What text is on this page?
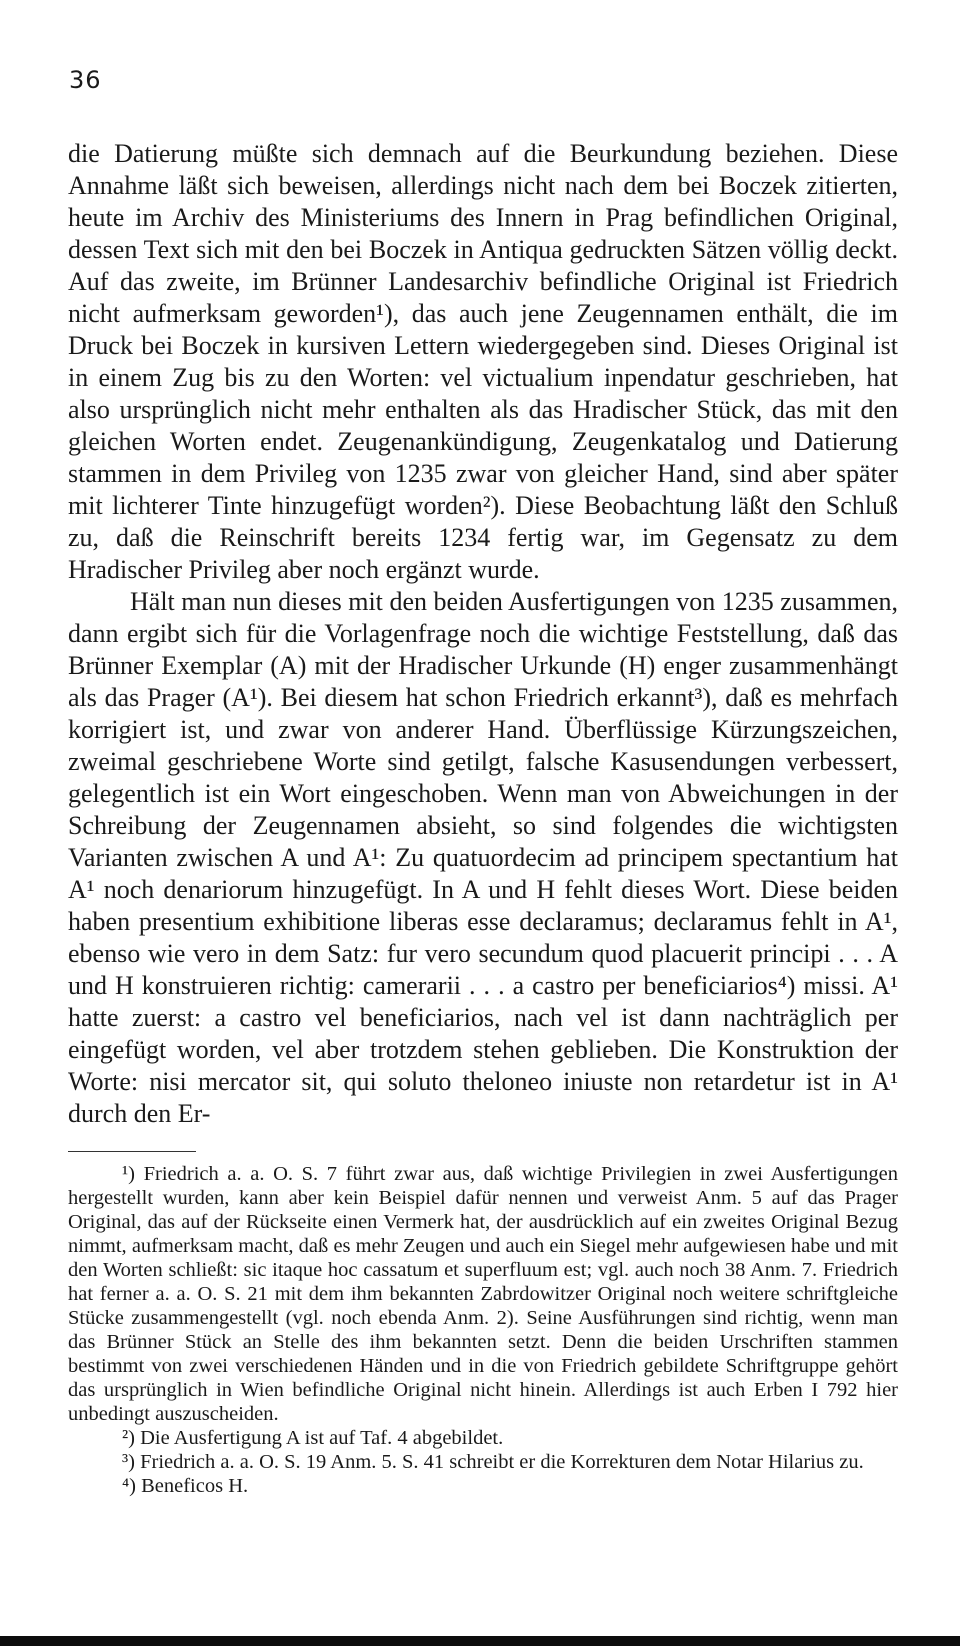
36

die Datierung müßte sich demnach auf die Beurkundung beziehen. Diese Annahme läßt sich beweisen, allerdings nicht nach dem bei Boczek zitierten, heute im Archiv des Ministeriums des Innern in Prag befindlichen Original, dessen Text sich mit den bei Boczek in Antiqua gedruckten Sätzen völlig deckt. Auf das zweite, im Brünner Landesarchiv befindliche Original ist Friedrich nicht aufmerksam geworden¹), das auch jene Zeugennamen enthält, die im Druck bei Boczek in kursiven Lettern wiedergegeben sind. Dieses Original ist in einem Zug bis zu den Worten: vel victualium inpendatur geschrieben, hat also ursprünglich nicht mehr enthalten als das Hradischer Stück, das mit den gleichen Worten endet. Zeugenankündigung, Zeugenkatalog und Datierung stammen in dem Privileg von 1235 zwar von gleicher Hand, sind aber später mit lichterer Tinte hinzugefügt worden²). Diese Beobachtung läßt den Schluß zu, daß die Reinschrift bereits 1234 fertig war, im Gegensatz zu dem Hradischer Privileg aber noch ergänzt wurde.

Hält man nun dieses mit den beiden Ausfertigungen von 1235 zusammen, dann ergibt sich für die Vorlagenfrage noch die wichtige Feststellung, daß das Brünner Exemplar (A) mit der Hradischer Urkunde (H) enger zusammenhängt als das Prager (A¹). Bei diesem hat schon Friedrich erkannt³), daß es mehrfach korrigiert ist, und zwar von anderer Hand. Überflüssige Kürzungszeichen, zweimal geschriebene Worte sind getilgt, falsche Kasusendungen verbessert, gelegentlich ist ein Wort eingeschoben. Wenn man von Abweichungen in der Schreibung der Zeugennamen absieht, so sind folgendes die wichtigsten Varianten zwischen A und A¹: Zu quatuordecim ad principem spectantium hat A¹ noch denariorum hinzugefügt. In A und H fehlt dieses Wort. Diese beiden haben presentium exhibitione liberas esse declaramus; declaramus fehlt in A¹, ebenso wie vero in dem Satz: fur vero secundum quod placuerit principi . . . A und H konstruieren richtig: camerarii . . . a castro per beneficiarios⁴) missi. A¹ hatte zuerst: a castro vel beneficiarios, nach vel ist dann nachträglich per eingefügt worden, vel aber trotzdem stehen geblieben. Die Konstruktion der Worte: nisi mercator sit, qui soluto theloneo iniuste non retardetur ist in A¹ durch den Er-

¹) Friedrich a. a. O. S. 7 führt zwar aus, daß wichtige Privilegien in zwei Ausfertigungen hergestellt wurden, kann aber kein Beispiel dafür nennen und verweist Anm. 5 auf das Prager Original, das auf der Rückseite einen Vermerk hat, der ausdrücklich auf ein zweites Original Bezug nimmt, aufmerksam macht, daß es mehr Zeugen und auch ein Siegel mehr aufgewiesen habe und mit den Worten schließt: sic itaque hoc cassatum et superfluum est; vgl. auch noch 38 Anm. 7. Friedrich hat ferner a. a. O. S. 21 mit dem ihm bekannten Zabrdowitzer Original noch weitere schriftgleiche Stücke zusammengestellt (vgl. noch ebenda Anm. 2). Seine Ausführungen sind richtig, wenn man das Brünner Stück an Stelle des ihm bekannten setzt. Denn die beiden Urschriften stammen bestimmt von zwei verschiedenen Händen und in die von Friedrich gebildete Schriftgruppe gehört das ursprünglich in Wien befindliche Original nicht hinein. Allerdings ist auch Erben I 792 hier unbedingt auszuscheiden.

²) Die Ausfertigung A ist auf Taf. 4 abgebildet.

³) Friedrich a. a. O. S. 19 Anm. 5. S. 41 schreibt er die Korrekturen dem Notar Hilarius zu.

⁴) Beneficos H.
